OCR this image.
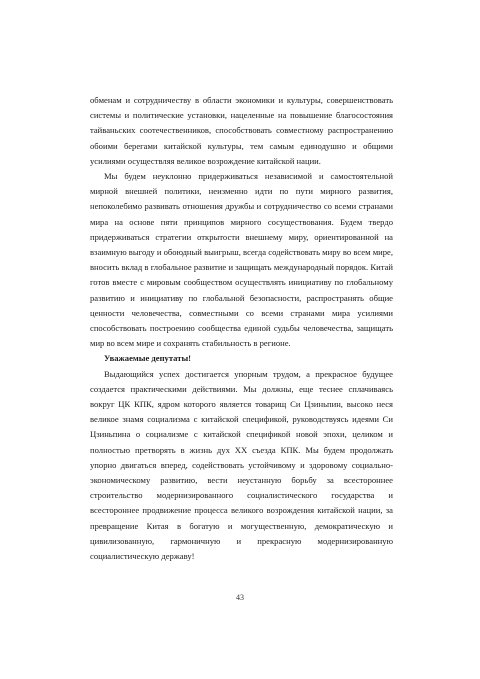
обменам и сотрудничеству в области экономики и культуры, совершенствовать системы и политические установки, нацеленные на повышение благосостояния тайваньских соотечественников, способствовать совместному распространению обоими берегами китайской культуры, тем самым единодушно и общими усилиями осуществляя великое возрождение китайской нации.

Мы будем неуклонно придерживаться независимой и самостоятельной мирной внешней политики, неизменно идти по пути мирного развития, непоколебимо развивать отношения дружбы и сотрудничество со всеми странами мира на основе пяти принципов мирного сосуществования. Будем твердо придерживаться стратегии открытости внешнему миру, ориентированной на взаимную выгоду и обоюдный выигрыш, всегда содействовать миру во всем мире, вносить вклад в глобальное развитие и защищать международный порядок. Китай готов вместе с мировым сообществом осуществлять инициативу по глобальному развитию и инициативу по глобальной безопасности, распространять общие ценности человечества, совместными со всеми странами мира усилиями способствовать построению сообщества единой судьбы человечества, защищать мир во всем мире и сохранять стабильность в регионе.

Уважаемые депутаты!

Выдающийся успех достигается упорным трудом, а прекрасное будущее создается практическими действиями. Мы должны, еще теснее сплачиваясь вокруг ЦК КПК, ядром которого является товарищ Си Цзиньпин, высоко неся великое знамя социализма с китайской спецификой, руководствуясь идеями Си Цзиньпина о социализме с китайской спецификой новой эпохи, целиком и полностью претворять в жизнь дух XX съезда КПК. Мы будем продолжать упорно двигаться вперед, содействовать устойчивому и здоровому социально-экономическому развитию, вести неустанную борьбу за всестороннее строительство модернизированного социалистического государства и всестороннее продвижение процесса великого возрождения китайской нации, за превращение Китая в богатую и могущественную, демократическую и цивилизованную, гармоничную и прекрасную модернизированную социалистическую державу!

43
